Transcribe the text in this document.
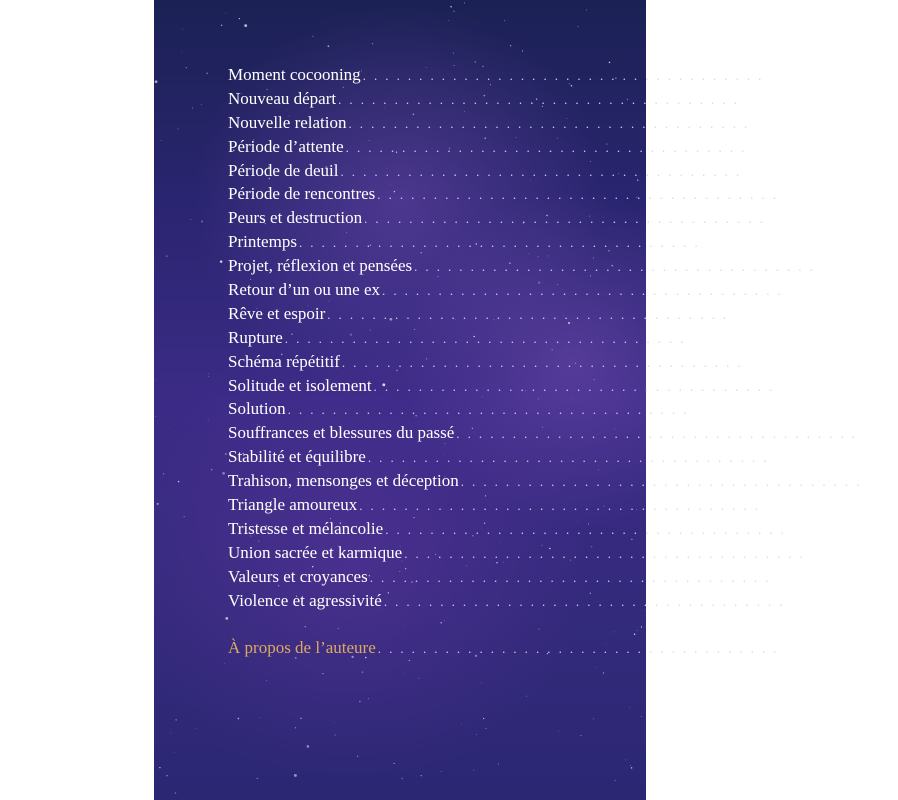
Moment cocooning . . . . . . . . . . . . . . . . . . . . . . . . . . . . . . . . . . . . 111
Nouveau départ . . . . . . . . . . . . . . . . . . . . . . . . . . . . . . . . . . . . 113
Nouvelle relation . . . . . . . . . . . . . . . . . . . . . . . . . . . . . . . . . . . . 115
Période d’attente . . . . . . . . . . . . . . . . . . . . . . . . . . . . . . . . . . . . 117
Période de deuil . . . . . . . . . . . . . . . . . . . . . . . . . . . . . . . . . . . . 119
Période de rencontres . . . . . . . . . . . . . . . . . . . . . . . . . . . . . . . . . . . . 121
Peurs et destruction . . . . . . . . . . . . . . . . . . . . . . . . . . . . . . . . . . . . 123
Printemps . . . . . . . . . . . . . . . . . . . . . . . . . . . . . . . . . . . . 125
Projet, réflexion et pensées . . . . . . . . . . . . . . . . . . . . . . . . . . . . . . . . . . . . 127
Retour d’un ou une ex . . . . . . . . . . . . . . . . . . . . . . . . . . . . . . . . . . . . 129
Rêve et espoir . . . . . . . . . . . . . . . . . . . . . . . . . . . . . . . . . . . . 131
Rupture . . . . . . . . . . . . . . . . . . . . . . . . . . . . . . . . . . . . 133
Schéma répétitif . . . . . . . . . . . . . . . . . . . . . . . . . . . . . . . . . . . . 135
Solitude et isolement . . . . . . . . . . . . . . . . . . . . . . . . . . . . . . . . . . . . 137
Solution . . . . . . . . . . . . . . . . . . . . . . . . . . . . . . . . . . . . 139
Souffrances et blessures du passé . . . . . . . . . . . . . . . . . . . . . . . . . . . . . . . . . . . . 141
Stabilité et équilibre . . . . . . . . . . . . . . . . . . . . . . . . . . . . . . . . . . . . 143
Trahison, mensonges et déception . . . . . . . . . . . . . . . . . . . . . . . . . . . . . . . . . . . . 145
Triangle amoureux . . . . . . . . . . . . . . . . . . . . . . . . . . . . . . . . . . . . 147
Tristesse et mélancolie . . . . . . . . . . . . . . . . . . . . . . . . . . . . . . . . . . . . 149
Union sacrée et karmique . . . . . . . . . . . . . . . . . . . . . . . . . . . . . . . . . . . . 151
Valeurs et croyances . . . . . . . . . . . . . . . . . . . . . . . . . . . . . . . . . . . . 153
Violence et agressivité . . . . . . . . . . . . . . . . . . . . . . . . . . . . . . . . . . . . 155
À propos de l’auteure . . . . . . . . . . . . . . . . . . . . . . . . . . . . . . . . . . . . 157
